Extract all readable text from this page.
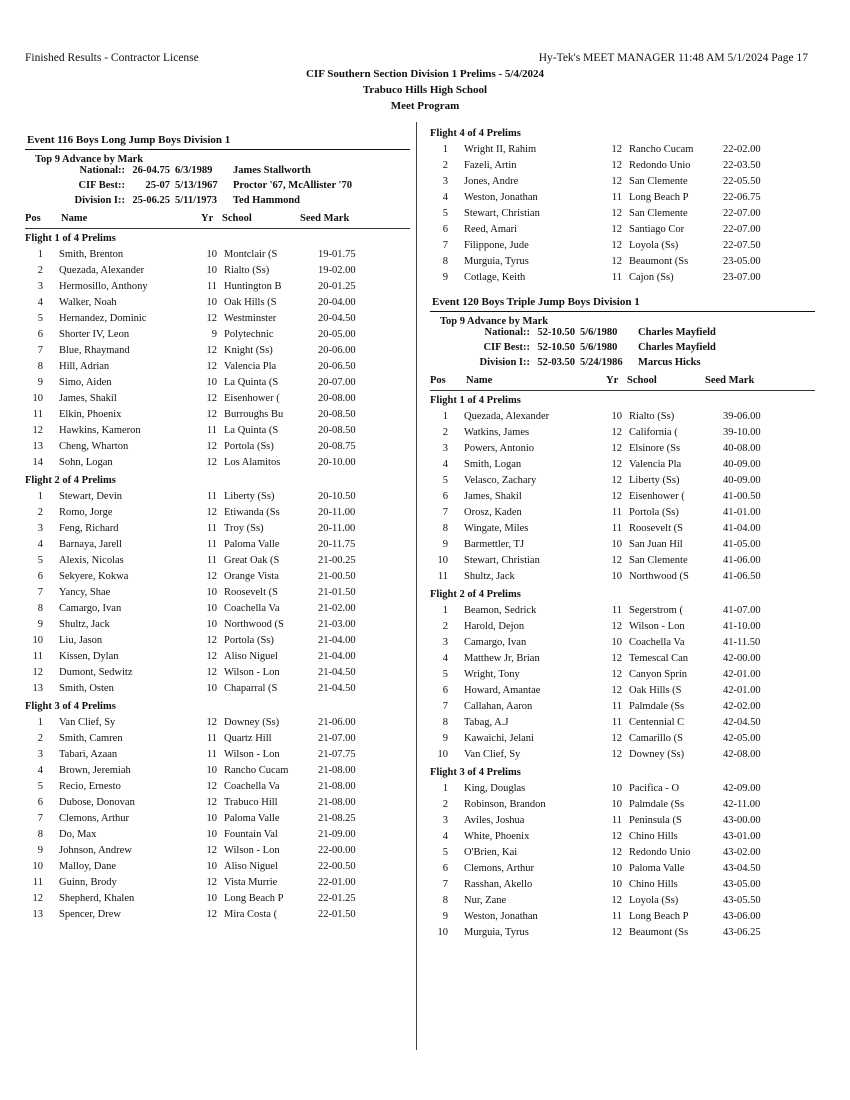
Finished Results - Contractor License	Hy-Tek's MEET MANAGER 11:48 AM 5/1/2024 Page 17
CIF Southern Section Division 1 Prelims - 5/4/2024
Trabuco Hills High School
Meet Program
Event 116 Boys Long Jump Boys Division 1
Top 9 Advance by Mark
National:: 26-04.75 6/3/1989 James Stallworth
CIF Best:: 25-07 5/13/1967 Proctor '67, McAllister '70
Division I:: 25-06.25 5/11/1973 Ted Hammond
Pos Name	Yr School	Seed Mark
Flight 1 of 4 Prelims
1 Smith, Brenton	10 Montclair (S	19-01.75
2 Quezada, Alexander	10 Rialto (Ss)	19-02.00
3 Hermosillo, Anthony	11 Huntington B	20-01.25
4 Walker, Noah	10 Oak Hills (S	20-04.00
5 Hernandez, Dominic	12 Westminster	20-04.50
6 Shorter IV, Leon	9 Polytechnic	20-05.00
7 Blue, Rhaymand	12 Knight (Ss)	20-06.00
8 Hill, Adrian	12 Valencia Pla	20-06.50
9 Simo, Aiden	10 La Quinta (S	20-07.00
10 James, Shakil	12 Eisenhower (	20-08.00
11 Elkin, Phoenix	12 Burroughs Bu	20-08.50
12 Hawkins, Kameron	11 La Quinta (S	20-08.50
13 Cheng, Wharton	12 Portola (Ss)	20-08.75
14 Sohn, Logan	12 Los Alamitos	20-10.00
Flight 2 of 4 Prelims
1 Stewart, Devin	11 Liberty (Ss)	20-10.50
2 Romo, Jorge	12 Etiwanda (Ss	20-11.00
3 Feng, Richard	11 Troy (Ss)	20-11.00
4 Barnaya, Jarell	11 Paloma Valle	20-11.75
5 Alexis, Nicolas	11 Great Oak (S	21-00.25
6 Sekyere, Kokwa	12 Orange Vista	21-00.50
7 Yancy, Shae	10 Roosevelt (S	21-01.50
8 Camargo, Ivan	10 Coachella Va	21-02.00
9 Shultz, Jack	10 Northwood (S	21-03.00
10 Liu, Jason	12 Portola (Ss)	21-04.00
11 Kissen, Dylan	12 Aliso Niguel	21-04.00
12 Dumont, Sedwitz	12 Wilson - Lon	21-04.50
13 Smith, Osten	10 Chaparral (S	21-04.50
Flight 3 of 4 Prelims
1 Van Clief, Sy	12 Downey (Ss)	21-06.00
2 Smith, Camren	11 Quartz Hill	21-07.00
3 Tabari, Azaan	11 Wilson - Lon	21-07.75
4 Brown, Jeremiah	10 Rancho Cucam	21-08.00
5 Recio, Ernesto	12 Coachella Va	21-08.00
6 Dubose, Donovan	12 Trabuco Hill	21-08.00
7 Clemons, Arthur	10 Paloma Valle	21-08.25
8 Do, Max	10 Fountain Val	21-09.00
9 Johnson, Andrew	12 Wilson - Lon	22-00.00
10 Malloy, Dane	10 Aliso Niguel	22-00.50
11 Guinn, Brody	12 Vista Murrie	22-01.00
12 Shepherd, Khalen	10 Long Beach P	22-01.25
13 Spencer, Drew	12 Mira Costa (	22-01.50
Flight 4 of 4 Prelims
1 Wright II, Rahim	12 Rancho Cucam	22-02.00
2 Fazeli, Artin	12 Redondo Unio	22-03.50
3 Jones, Andre	12 San Clemente	22-05.50
4 Weston, Jonathan	11 Long Beach P	22-06.75
5 Stewart, Christian	12 San Clemente	22-07.00
6 Reed, Amari	12 Santiago Cor	22-07.00
7 Filippone, Jude	12 Loyola (Ss)	22-07.50
8 Murguia, Tyrus	12 Beaumont (Ss	23-05.00
9 Cotlage, Keith	11 Cajon (Ss)	23-07.00
Event 120 Boys Triple Jump Boys Division 1
Top 9 Advance by Mark
National:: 52-10.50 5/6/1980 Charles Mayfield
CIF Best:: 52-10.50 5/6/1980 Charles Mayfield
Division I:: 52-03.50 5/24/1986 Marcus Hicks
Pos Name	Yr School	Seed Mark
Flight 1 of 4 Prelims
1 Quezada, Alexander	10 Rialto (Ss)	39-06.00
2 Watkins, James	12 California (	39-10.00
3 Powers, Antonio	12 Elsinore (Ss	40-08.00
4 Smith, Logan	12 Valencia Pla	40-09.00
5 Velasco, Zachary	12 Liberty (Ss)	40-09.00
6 James, Shakil	12 Eisenhower (	41-00.50
7 Orosz, Kaden	11 Portola (Ss)	41-01.00
8 Wingate, Miles	11 Roosevelt (S	41-04.00
9 Barmettler, TJ	10 San Juan Hil	41-05.00
10 Stewart, Christian	12 San Clemente	41-06.00
11 Shultz, Jack	10 Northwood (S	41-06.50
Flight 2 of 4 Prelims
1 Beamon, Sedrick	11 Segerstrom (	41-07.00
2 Harold, Dejon	12 Wilson - Lon	41-10.00
3 Camargo, Ivan	10 Coachella Va	41-11.50
4 Matthew Jr, Brian	12 Temescal Can	42-00.00
5 Wright, Tony	12 Canyon Sprin	42-01.00
6 Howard, Amantae	12 Oak Hills (S	42-01.00
7 Callahan, Aaron	11 Palmdale (Ss	42-02.00
8 Tabag, A.J	11 Centennial C	42-04.50
9 Kawaichi, Jelani	12 Camarillo (S	42-05.00
10 Van Clief, Sy	12 Downey (Ss)	42-08.00
Flight 3 of 4 Prelims
1 King, Douglas	10 Pacifica - O	42-09.00
2 Robinson, Brandon	10 Palmdale (Ss	42-11.00
3 Aviles, Joshua	11 Peninsula (S	43-00.00
4 White, Phoenix	12 Chino Hills	43-01.00
5 O'Brien, Kai	12 Redondo Unio	43-02.00
6 Clemons, Arthur	10 Paloma Valle	43-04.50
7 Rasshan, Akello	10 Chino Hills	43-05.00
8 Nur, Zane	12 Loyola (Ss)	43-05.50
9 Weston, Jonathan	11 Long Beach P	43-06.00
10 Murguia, Tyrus	12 Beaumont (Ss	43-06.25
